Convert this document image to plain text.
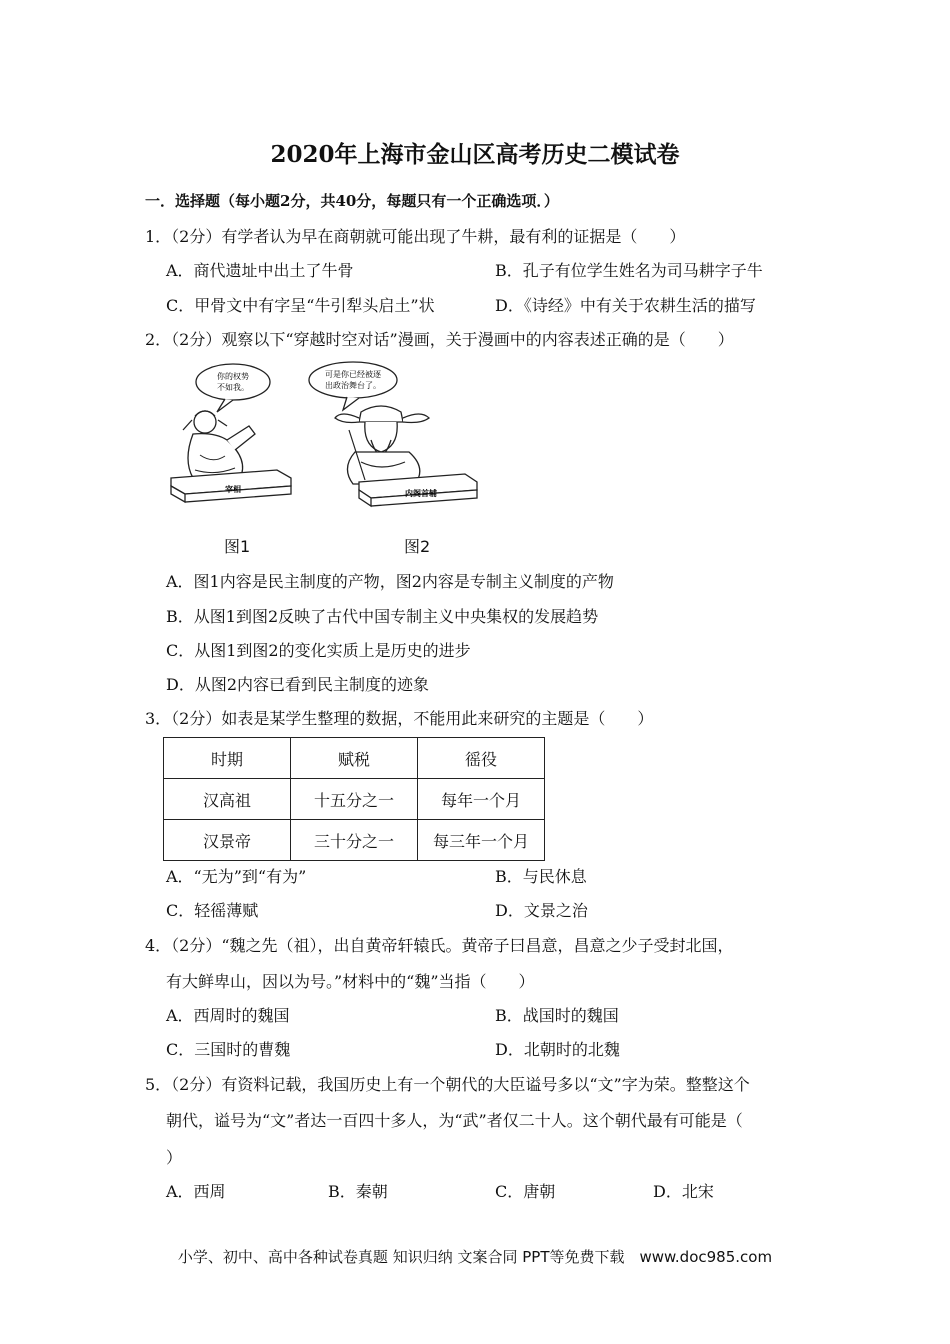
2020年上海市金山区高考历史二模试卷
一．选择题（每小题2分，共40分，每题只有一个正确选项．）
1．（2分）有学者认为早在商朝就可能出现了牛耕，最有利的证据是（　　）
A．商代遗址中出土了牛骨	B．孔子有位学生姓名为司马耕字子牛
C．甲骨文中有字呈“牛引犁头启土”状	D．《诗经》中有关于农耕生活的描写
2．（2分）观察以下“穿越时空对话”漫画，关于漫画中的内容表述正确的是（　　）
你的权势
不如我。
宰相
可是你已经被逐
出政治舞台了。
内阁首辅
图1	图2
A．图1内容是民主制度的产物，图2内容是专制主义制度的产物
B．从图1到图2反映了古代中国专制主义中央集权的发展趋势
C．从图1到图2的变化实质上是历史的进步
D．从图2内容已看到民主制度的迹象
3．（2分）如表是某学生整理的数据，不能用此来研究的主题是（　　）
时期	赋税	徭役
汉高祖	十五分之一	每年一个月
汉景帝	三十分之一	每三年一个月
A．“无为”到“有为”	B．与民休息
C．轻徭薄赋	D．文景之治
4．（2分）“魏之先（祖），出自黄帝轩辕氏。黄帝子曰昌意，昌意之少子受封北国，
有大鲜卑山，因以为号。”材料中的“魏”当指（　　）
A．西周时的魏国	B．战国时的魏国
C．三国时的曹魏	D．北朝时的北魏
5．（2分）有资料记载，我国历史上有一个朝代的大臣谥号多以“文”字为荣。整整这个
朝代，谥号为“文”者达一百四十多人，为“武”者仅二十人。这个朝代最有可能是（
）
A．西周	B．秦朝	C．唐朝	D．北宋
小学、初中、高中各种试卷真题 知识归纳 文案合同 PPT等免费下载　www.doc985.com
